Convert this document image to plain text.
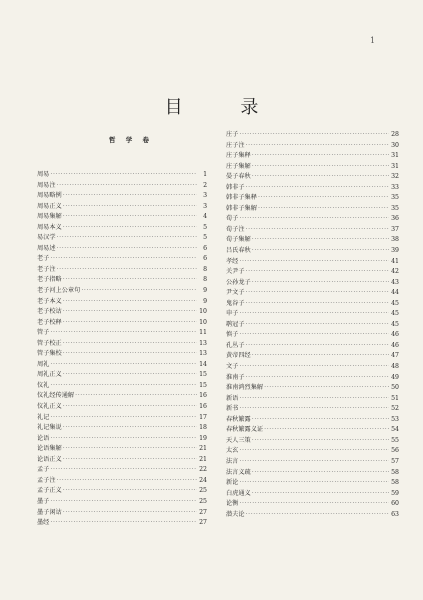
1
目 录
哲 学 卷
周易 ·····	1
周易注 ·····	2
周易略例 ·····	3
周易正义 ·····	3
周易集解 ·····	4
周易本义 ·····	5
易汉学 ·····	5
周易述 ·····	6
老子 ·····	6
老子注 ·····	8
老子指略 ·····	8
老子河上公章句 ·····	9
老子本义 ·····	9
老子校诂 ·····	10
老子校释 ·····	10
管子 ·····	11
管子校正 ·····	13
管子集校 ·····	13
周礼 ·····	14
周礼正义 ·····	15
仪礼 ·····	15
仪礼经传通解 ·····	16
仪礼正义 ·····	16
礼记 ·····	17
礼记集说 ·····	18
论语 ·····	19
论语集解 ·····	21
论语正义 ·····	21
孟子 ·····	22
孟子注 ·····	24
孟子正义 ·····	25
墨子 ·····	25
墨子闲诂 ·····	27
墨经 ·····	27
庄子 ·····	28
庄子注 ·····	30
庄子集释 ·····	31
庄子集解 ·····	31
晏子春秋 ·····	32
韩非子 ·····	33
韩非子集释 ·····	35
韩非子集解 ·····	35
荀子 ·····	36
荀子注 ·····	37
荀子集解 ·····	38
吕氏春秋 ·····	39
孝经 ·····	41
关尹子 ·····	42
公孙龙子 ·····	43
尹文子 ·····	44
鬼谷子 ·····	45
申子 ·····	45
鹖冠子 ·····	45
慎子 ·····	46
孔丛子 ·····	46
黄帝四经 ·····	47
文子 ·····	48
淮南子 ·····	49
淮南鸿烈集解 ·····	50
新语 ·····	51
新书 ·····	52
春秋繁露 ·····	53
春秋繁露义证 ·····	54
天人三策 ·····	55
太玄 ·····	56
法言 ·····	57
法言义疏 ·····	58
新论 ·····	58
白虎通义 ·····	59
论衡 ·····	60
潜夫论 ·····	63
